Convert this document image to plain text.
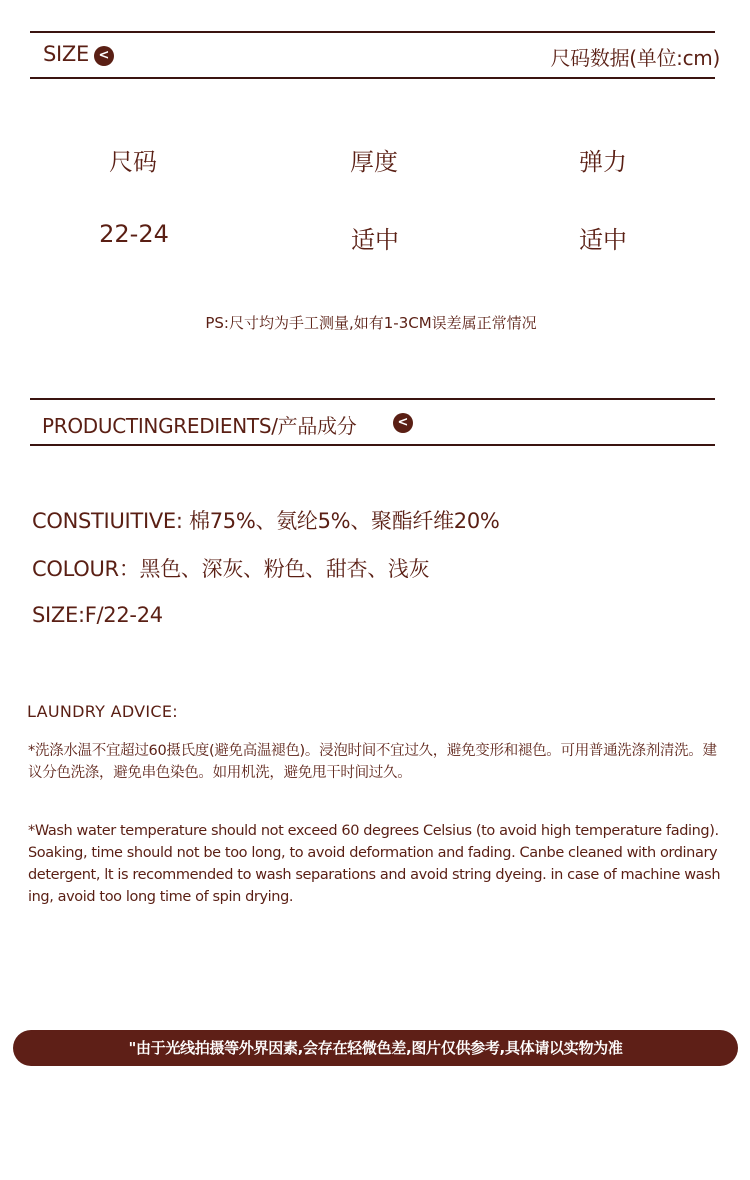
SIZE <	尺码数据(单位:cm)
尺码	厚度	弹力
22-24	适中	适中
PS:尺寸均为手工测量,如有1-3CM误差属正常情况
PRODUCTINGREDIENTS/产品成分	<
CONSTIUITIVE: 棉75%、氨纶5%、聚酯纤维20%
COLOUR：黑色、深灰、粉色、甜杏、浅灰
SIZE:F/22-24
LAUNDRY ADVICE:
*洗涤水温不宜超过60摄氏度(避免高温褪色)。浸泡时间不宜过久，避免变形和褪色。可用普通洗涤剂清洗。建议分色洗涤，避免串色染色。如用机洗，避免甩干时间过久。
*Wash water temperature should not exceed 60 degrees Celsius (to avoid high temperature fading). Soaking, time should not be too long, to avoid deformation and fading. Canbe cleaned with ordinary detergent, lt is recommended to wash separations and avoid string dyeing. in case of machine wash ing, avoid too long time of spin drying.
"由于光线拍摄等外界因素,会存在轻微色差,图片仅供参考,具体请以实物为准
